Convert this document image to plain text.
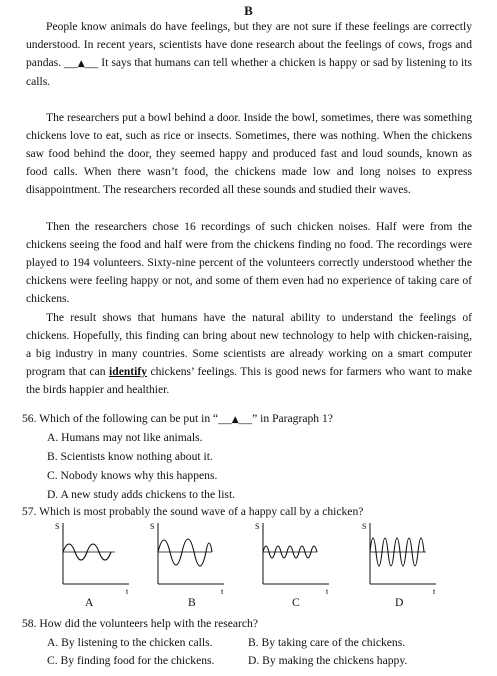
B

People know animals do have feelings, but they are not sure if these feelings are correctly understood. In recent years, scientists have done research about the feelings of cows, frogs and pandas. ___▲___ It says that humans can tell whether a chicken is happy or sad by listening to its calls.

The researchers put a bowl behind a door. Inside the bowl, sometimes, there was something chickens love to eat, such as rice or insects. Sometimes, there was nothing. When the chickens saw food behind the door, they seemed happy and produced fast and loud sounds, known as food calls. When there wasn’t food, the chickens made low and long noises to express disappointment. The researchers recorded all these sounds and studied their waves.

Then the researchers chose 16 recordings of such chicken noises. Half were from the chickens seeing the food and half were from the chickens finding no food. The recordings were played to 194 volunteers. Sixty-nine percent of the volunteers correctly understood whether the chickens were feeling happy or not, and some of them even had no experience of taking care of chickens.

The result shows that humans have the natural ability to understand the feelings of chickens. Hopefully, this finding can bring about new technology to help with chicken-raising, a big industry in many countries. Some scientists are already working on a smart computer program that can identify chickens’ feelings. This is good news for farmers who want to make the birds happier and healthier.

56. Which of the following can be put in “___▲___” in Paragraph 1?
A. Humans may not like animals.
B. Scientists know nothing about it.
C. Nobody knows why this happens.
D. A new study adds chickens to the list.
57. Which is most probably the sound wave of a happy call by a chicken?
S
t
S
t
S
t
S
t
A	B	C	D
58. How did the volunteers help with the research?
A. By listening to the chicken calls.	B. By taking care of the chickens.
C. By finding food for the chickens.	D. By making the chickens happy.
